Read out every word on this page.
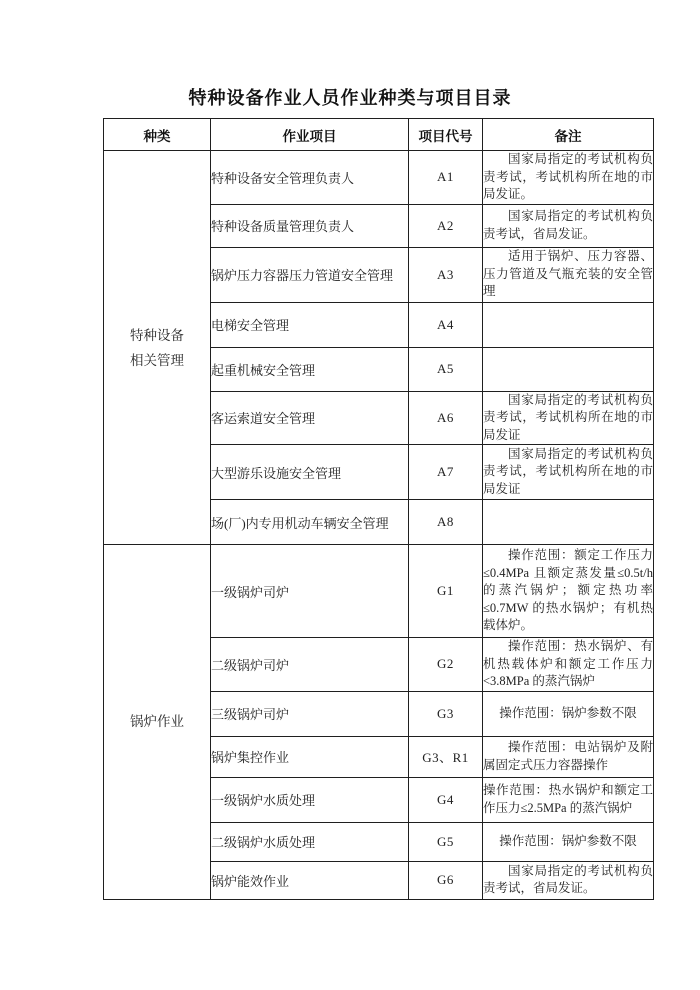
特种设备作业人员作业种类与项目目录
种类	作业项目	项目代号	备注

特种设备
相关管理	特种设备安全管理负责人	A1	国家局指定的考试机构负责考试，考试机构所在地的市局发证。
	特种设备质量管理负责人	A2	国家局指定的考试机构负责考试，省局发证。
	锅炉压力容器压力管道安全管理	A3	适用于锅炉、压力容器、压力管道及气瓶充装的安全管理
	电梯安全管理	A4	
	起重机械安全管理	A5	
	客运索道安全管理	A6	国家局指定的考试机构负责考试，考试机构所在地的市局发证
	大型游乐设施安全管理	A7	国家局指定的考试机构负责考试，考试机构所在地的市局发证
	场(厂)内专用机动车辆安全管理	A8	

锅炉作业	一级锅炉司炉	G1	操作范围：额定工作压力≤0.4MPa 且额定蒸发量≤0.5t/h 的蒸汽锅炉；额定热功率≤0.7MW 的热水锅炉；有机热载体炉。
	二级锅炉司炉	G2	操作范围：热水锅炉、有机热载体炉和额定工作压力<3.8MPa 的蒸汽锅炉
	三级锅炉司炉	G3	操作范围：锅炉参数不限
	锅炉集控作业	G3、R1	操作范围：电站锅炉及附属固定式压力容器操作
	一级锅炉水质处理	G4	操作范围：热水锅炉和额定工作压力≤2.5MPa 的蒸汽锅炉
	二级锅炉水质处理	G5	操作范围：锅炉参数不限
	锅炉能效作业	G6	国家局指定的考试机构负责考试，省局发证。
